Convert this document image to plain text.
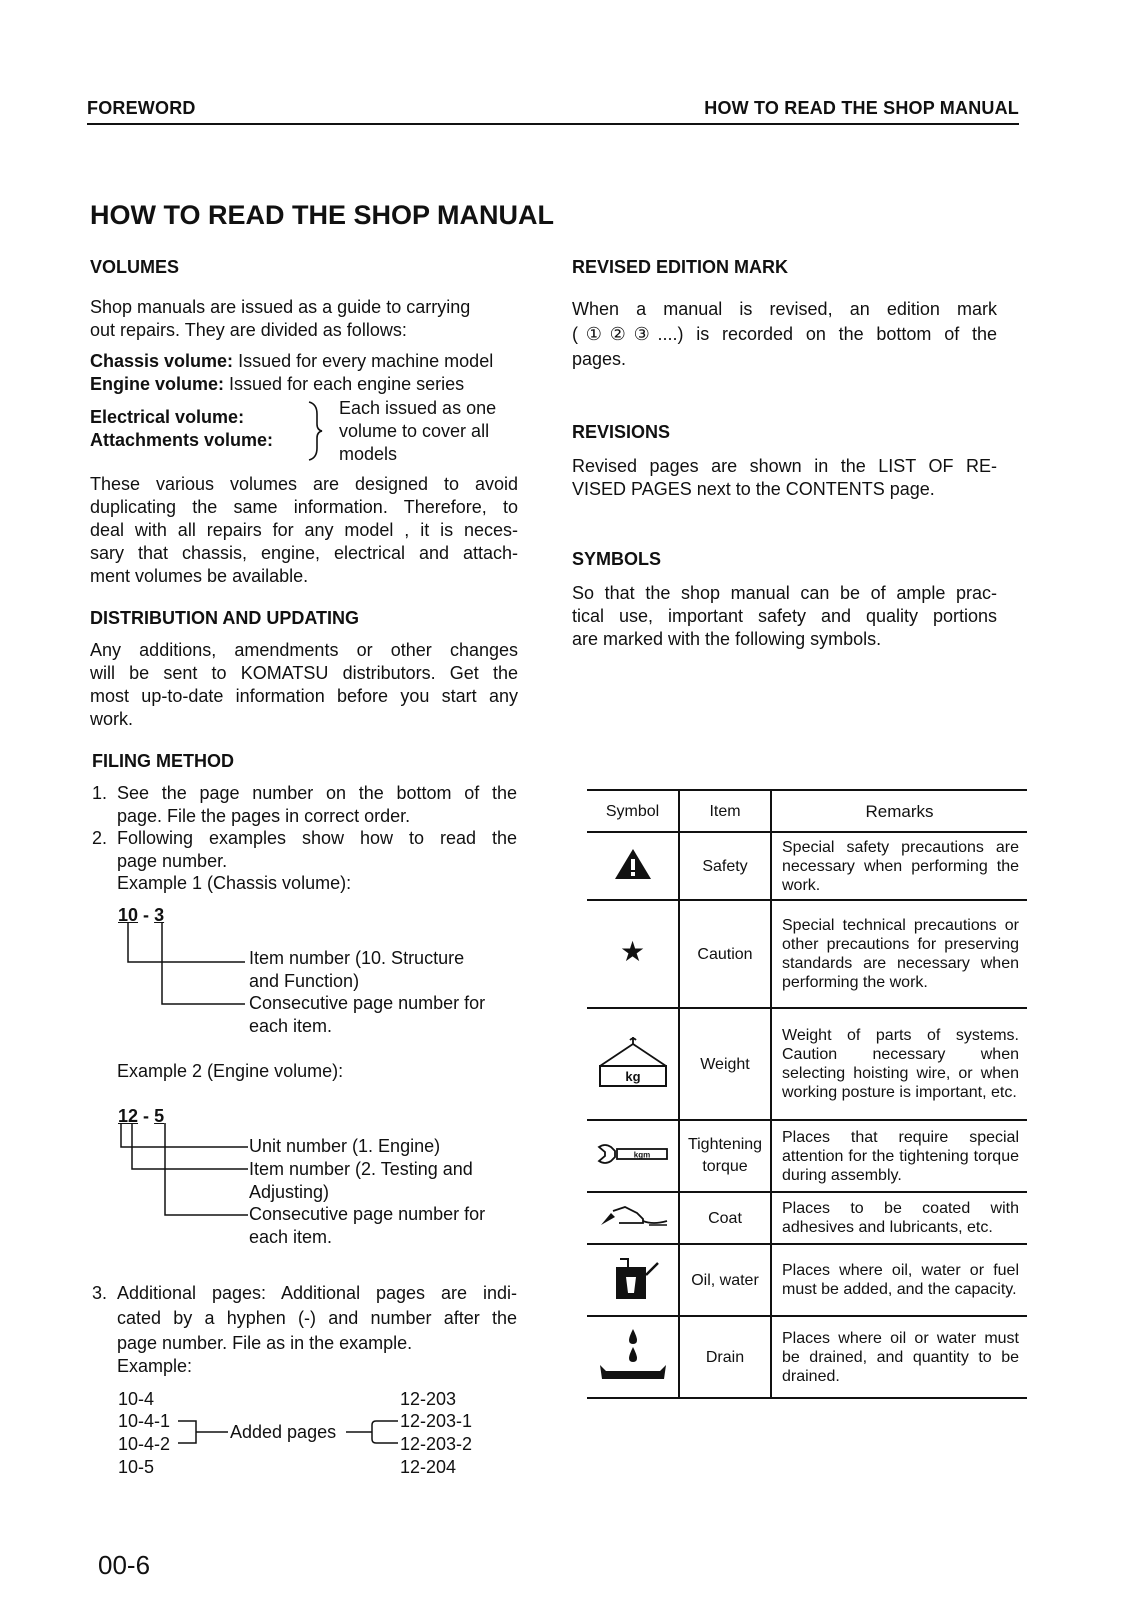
FOREWORD	HOW TO READ THE SHOP MANUAL
HOW TO READ THE SHOP MANUAL
VOLUMES
Shop manuals are issued as a guide to carrying
out repairs. They are divided as follows:
Chassis volume: Issued for every machine model
Engine volume: Issued for each engine series
Electrical volume:
Attachments volume:
Each issued as one
volume to cover all
models
These various volumes are designed to avoid
duplicating the same information. Therefore, to
deal with all repairs for any model , it is neces-
sary that chassis, engine, electrical and attach-
ment volumes be available.
DISTRIBUTION AND UPDATING
Any additions, amendments or other changes
will be sent to KOMATSU distributors. Get the
most up-to-date information before you start any
work.
FILING METHOD
1. See the page number on the bottom of the
page. File the pages in correct order.
2. Following examples show how to read the
page number.
Example 1 (Chassis volume):
10 - 3
Item number (10. Structure
and Function)
Consecutive page number for
each item.
Example 2 (Engine volume):
12 - 5
Unit number (1. Engine)
Item number (2. Testing and
Adjusting)
Consecutive page number for
each item.
3. Additional pages: Additional pages are indi-
cated by a hyphen (-) and number after the
page number. File as in the example.
Example:
10-4
10-4-1
10-4-2
10-5
Added pages
12-203
12-203-1
12-203-2
12-204
REVISED EDITION MARK
When a manual is revised, an edition mark
(①②③....) is recorded on the bottom of the
pages.
REVISIONS
Revised pages are shown in the LIST OF RE-
VISED PAGES next to the CONTENTS page.
SYMBOLS
So that the shop manual can be of ample prac-
tical use, important safety and quality portions
are marked with the following symbols.
Symbol	Item	Remarks
	Safety	Special safety precautions are necessary when performing the work.
★	Caution	Special technical precautions or other precautions for preserving standards are necessary when performing the work.

kg	Weight	Weight of parts of systems. Caution necessary when selecting hoisting wire, or when working posture is important, etc.

kgm	Tightening torque	Places that require special attention for the tightening torque during assembly.
	Coat	Places to be coated with adhesives and lubricants, etc.
	Oil, water	Places where oil, water or fuel must be added, and the capacity.
	Drain	Places where oil or water must be drained, and quantity to be drained.
00-6
